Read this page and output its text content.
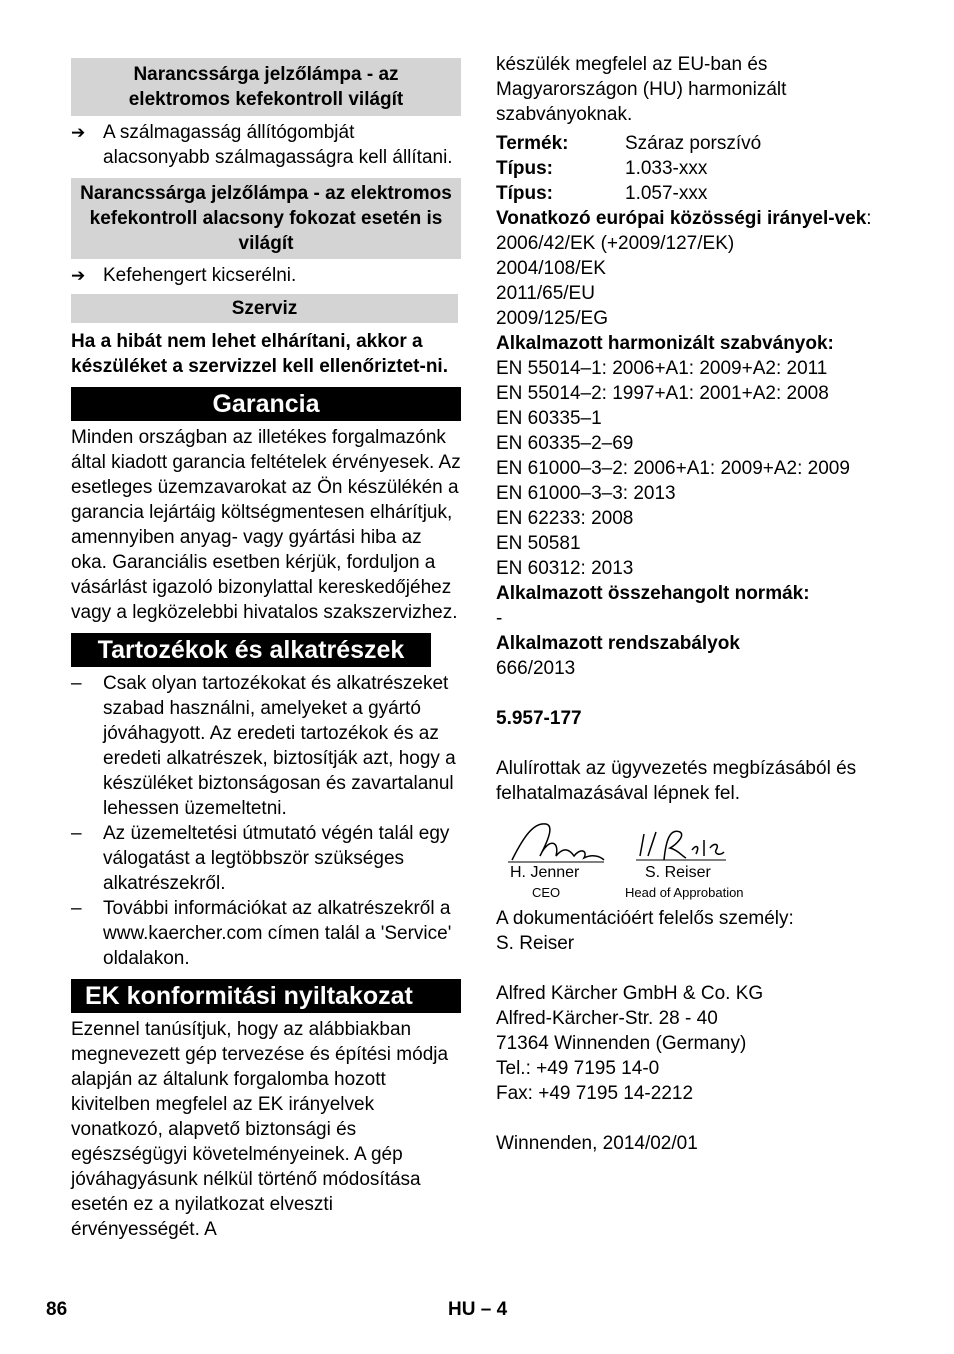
Narancssárga jelzőlámpa - az elektromos kefekontroll világít
➔ A szálmagasság állítógombját alacsonyabb szálmagasságra kell állítani.
Narancssárga jelzőlámpa - az elektromos kefekontroll alacsony fokozat esetén is világít
➔ Kefehengert kicserélni.
Szerviz

Ha a hibát nem lehet elhárítani, akkor a készüléket a szervizzel kell ellenőriztet-ni.

Garancia

Minden országban az illetékes forgalmazónk által kiadott garancia feltételek érvényesek. Az esetleges üzemzavarokat az Ön készülékén a garancia lejártáig költségmentesen elhárítjuk, amennyiben anyag- vagy gyártási hiba az oka. Garanciális esetben kérjük, forduljon a vásárlást igazoló bizonylattal kereskedőjéhez vagy a legközelebbi hivatalos szakszervizhez.

Tartozékok és alkatrészek
–	Csak olyan tartozékokat és alkatrészeket szabad használni, amelyeket a gyártó jóváhagyott. Az eredeti tartozékok és az eredeti alkatrészek, biztosítják azt, hogy a készüléket biztonságosan és zavartalanul lehessen üzemeltetni.
–	Az üzemeltetési útmutató végén talál egy válogatást a legtöbbször szükséges alkatrészekről.
–	További információkat az alkatrészekről a www.kaercher.com címen talál a 'Service' oldalakon.
EK konformitási nyiltakozat

Ezennel tanúsítjuk, hogy az alábbiakban megnevezett gép tervezése és építési módja alapján az általunk forgalomba hozott kivitelben megfelel az EK irányelvek vonatkozó, alapvető biztonsági és egészségügyi követelményeinek. A gép jóváhagyásunk nélkül történő módosítása esetén ez a nyilatkozat elveszti érvényességét. A

készülék megfelel az EU-ban és Magyarországon (HU) harmonizált szabványoknak.

Termék:	Száraz porszívó
Típus:	1.033-xxx
Típus:	1.057-xxx

Vonatkozó európai közösségi irányel-vek:

2006/42/EK (+2009/127/EK)

2004/108/EK

2011/65/EU

2009/125/EG

Alkalmazott harmonizált szabványok:

EN 55014–1: 2006+A1: 2009+A2: 2011

EN 55014–2: 1997+A1: 2001+A2: 2008

EN 60335–1

EN 60335–2–69

EN 61000–3–2: 2006+A1: 2009+A2: 2009

EN 61000–3–3: 2013

EN 62233: 2008

EN 50581

EN 60312: 2013

Alkalmazott összehangolt normák:

-

Alkalmazott rendszabályok

666/2013

5.957-177

Alulírottak az ügyvezetés megbízásából és felhatalmazásával lépnek fel.

H. Jenner
CEO
S. Reiser
Head of Approbation

A dokumentációért felelős személy:

S. Reiser

Alfred Kärcher GmbH & Co. KG

Alfred-Kärcher-Str. 28 - 40

71364 Winnenden (Germany)

Tel.: +49 7195 14-0

Fax: +49 7195 14-2212

Winnenden, 2014/02/01

86	HU – 4
